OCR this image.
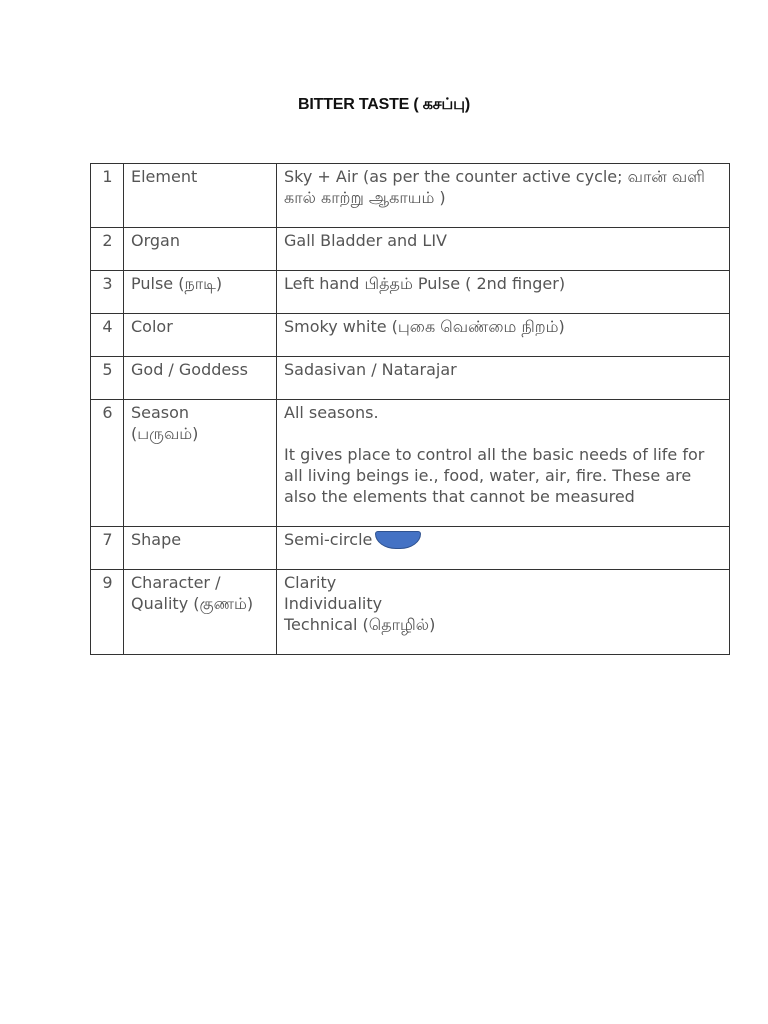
BITTER TASTE ( கசப்பு)
1	Element	Sky + Air (as per the counter active cycle; வான் வளி கால் காற்று ஆகாயம் )

2	Organ	Gall Bladder and LIV

3	Pulse (நாடி)	Left hand பித்தம் Pulse ( 2nd finger)

4	Color	Smoky white (புகை வெண்மை நிறம்)

5	God / Goddess	Sadasivan / Natarajar

6	Season
(பருவம்)	All seasons.
It gives place to control all the basic needs of life for all living beings ie., food, water, air, fire. These are also the elements that cannot be measured

7	Shape	Semi-circle
9	Character /
Quality (குணம்)	Clarity
Individuality
Technical (தொழில்)
